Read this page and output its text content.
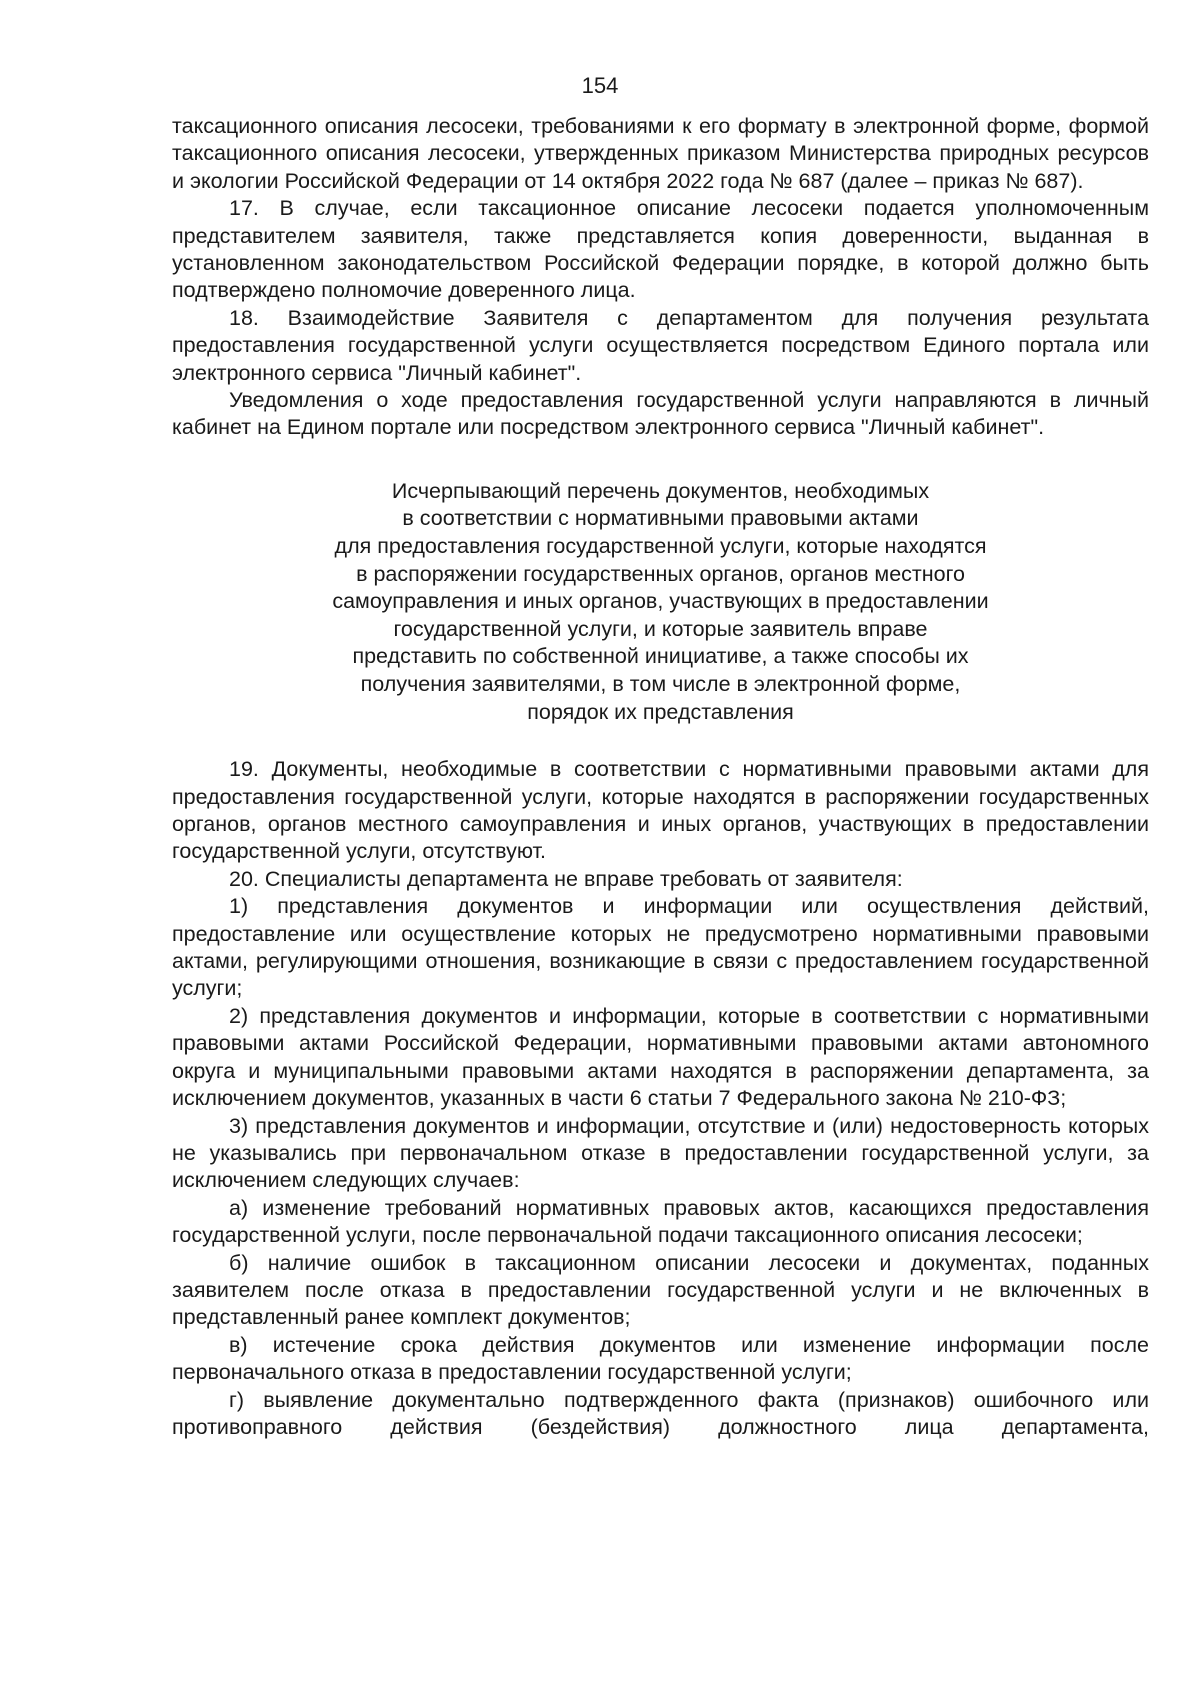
154

таксационного описания лесосеки, требованиями к его формату в электронной форме, формой таксационного описания лесосеки, утвержденных приказом Министерства природных ресурсов и экологии Российской Федерации от 14 октября 2022 года № 687 (далее – приказ № 687).

17. В случае, если таксационное описание лесосеки подается уполномоченным представителем заявителя, также представляется копия доверенности, выданная в установленном законодательством Российской Федерации порядке, в которой должно быть подтверждено полномочие доверенного лица.

18. Взаимодействие Заявителя с департаментом для получения результата предоставления государственной услуги осуществляется посредством Единого портала или электронного сервиса "Личный кабинет".

Уведомления о ходе предоставления государственной услуги направляются в личный кабинет на Едином портале или посредством электронного сервиса "Личный кабинет".

Исчерпывающий перечень документов, необходимых
в соответствии с нормативными правовыми актами
для предоставления государственной услуги, которые находятся
в распоряжении государственных органов, органов местного
самоуправления и иных органов, участвующих в предоставлении
государственной услуги, и которые заявитель вправе
представить по собственной инициативе, а также способы их
получения заявителями, в том числе в электронной форме,
порядок их представления

19. Документы, необходимые в соответствии с нормативными правовыми актами для предоставления государственной услуги, которые находятся в распоряжении государственных органов, органов местного самоуправления и иных органов, участвующих в предоставлении государственной услуги, отсутствуют.

20. Специалисты департамента не вправе требовать от заявителя:

1) представления документов и информации или осуществления действий, предоставление или осуществление которых не предусмотрено нормативными правовыми актами, регулирующими отношения, возникающие в связи с предоставлением государственной услуги;

2) представления документов и информации, которые в соответствии с нормативными правовыми актами Российской Федерации, нормативными правовыми актами автономного округа и муниципальными правовыми актами находятся в распоряжении департамента, за исключением документов, указанных в части 6 статьи 7 Федерального закона № 210-ФЗ;

3) представления документов и информации, отсутствие и (или) недостоверность которых не указывались при первоначальном отказе в предоставлении государственной услуги, за исключением следующих случаев:

а) изменение требований нормативных правовых актов, касающихся предоставления государственной услуги, после первоначальной подачи таксационного описания лесосеки;

б) наличие ошибок в таксационном описании лесосеки и документах, поданных заявителем после отказа в предоставлении государственной услуги и не включенных в представленный ранее комплект документов;

в) истечение срока действия документов или изменение информации после первоначального отказа в предоставлении государственной услуги;

г) выявление документально подтвержденного факта (признаков) ошибочного или противоправного действия (бездействия) должностного лица департамента,
